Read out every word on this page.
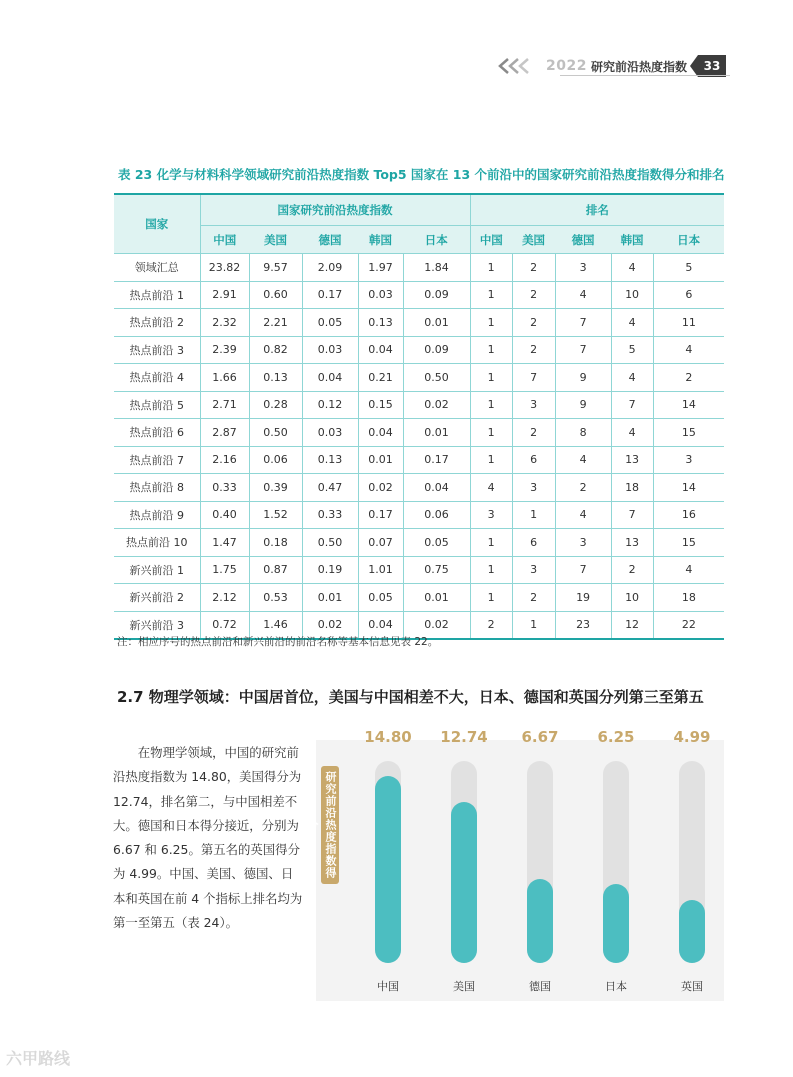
2022 研究前沿热度指数	33
表 23 化学与材料科学领域研究前沿热度指数 Top5 国家在 13 个前沿中的国家研究前沿热度指数得分和排名
国家	国家研究前沿热度指数					排名				
	中国	美国	德国	韩国	日本	中国	美国	德国	韩国	日本
领域汇总	23.82	9.57	2.09	1.97	1.84	1	2	3	4	5
热点前沿 1	2.91	0.60	0.17	0.03	0.09	1	2	4	10	6
热点前沿 2	2.32	2.21	0.05	0.13	0.01	1	2	7	4	11
热点前沿 3	2.39	0.82	0.03	0.04	0.09	1	2	7	5	4
热点前沿 4	1.66	0.13	0.04	0.21	0.50	1	7	9	4	2
热点前沿 5	2.71	0.28	0.12	0.15	0.02	1	3	9	7	14
热点前沿 6	2.87	0.50	0.03	0.04	0.01	1	2	8	4	15
热点前沿 7	2.16	0.06	0.13	0.01	0.17	1	6	4	13	3
热点前沿 8	0.33	0.39	0.47	0.02	0.04	4	3	2	18	14
热点前沿 9	0.40	1.52	0.33	0.17	0.06	3	1	4	7	16
热点前沿 10	1.47	0.18	0.50	0.07	0.05	1	6	3	13	15
新兴前沿 1	1.75	0.87	0.19	1.01	0.75	1	3	7	2	4
新兴前沿 2	2.12	0.53	0.01	0.05	0.01	1	2	19	10	18
新兴前沿 3	0.72	1.46	0.02	0.04	0.02	2	1	23	12	22
注：相应序号的热点前沿和新兴前沿的前沿名称等基本信息见表 22。
2.7 物理学领域：中国居首位，美国与中国相差不大，日本、德国和英国分列第三至第五

在物理学领域，中国的研究前沿热度指数为 14.80，美国得分为 12.74，排名第二，与中国相差不大。德国和日本得分接近，分别为 6.67 和 6.25。第五名的英国得分为 4.99。中国、美国、德国、日本和英国在前 4 个指标上排名均为第一至第五（表 24）。

研究前沿热度指数得分
14.80
中国
12.74
美国
6.67
德国
6.25
日本
4.99
英国
六甲路线
